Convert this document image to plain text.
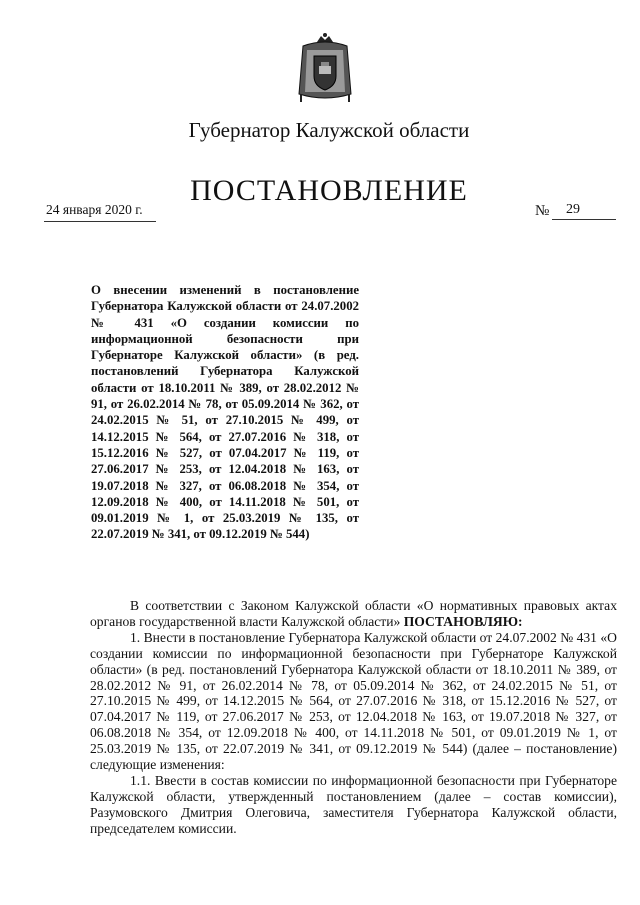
Губернатор Калужской области
ПОСТАНОВЛЕНИЕ
24 января 2020 г.	№ 29
О внесении изменений в постановление Губернатора Калужской области от 24.07.2002 № 431 «О создании комиссии по информационной безопасности при Губернаторе Калужской области» (в ред. постановлений Губернатора Калужской области от 18.10.2011 № 389, от 28.02.2012 № 91, от 26.02.2014 № 78, от 05.09.2014 № 362, от 24.02.2015 № 51, от 27.10.2015 № 499, от 14.12.2015 № 564, от 27.07.2016 № 318, от 15.12.2016 № 527, от 07.04.2017 № 119, от 27.06.2017 № 253, от 12.04.2018 № 163, от 19.07.2018 № 327, от 06.08.2018 № 354, от 12.09.2018 № 400, от 14.11.2018 № 501, от 09.01.2019 № 1, от 25.03.2019 № 135, от 22.07.2019 № 341, от 09.12.2019 № 544)

В соответствии с Законом Калужской области «О нормативных правовых актах органов государственной власти Калужской области» ПОСТАНОВЛЯЮ:

1. Внести в постановление Губернатора Калужской области от 24.07.2002 № 431 «О создании комиссии по информационной безопасности при Губернаторе Калужской области» (в ред. постановлений Губернатора Калужской области от 18.10.2011 № 389, от 28.02.2012 № 91, от 26.02.2014 № 78, от 05.09.2014 № 362, от 24.02.2015 № 51, от 27.10.2015 № 499, от 14.12.2015 № 564, от 27.07.2016 № 318, от 15.12.2016 № 527, от 07.04.2017 № 119, от 27.06.2017 № 253, от 12.04.2018 № 163, от 19.07.2018 № 327, от 06.08.2018 № 354, от 12.09.2018 № 400, от 14.11.2018 № 501, от 09.01.2019 № 1, от 25.03.2019 № 135, от 22.07.2019 № 341, от 09.12.2019 № 544) (далее – постановление) следующие изменения:

1.1. Ввести в состав комиссии по информационной безопасности при Губернаторе Калужской области, утвержденный постановлением (далее – состав комиссии), Разумовского Дмитрия Олеговича, заместителя Губернатора Калужской области, председателем комиссии.
